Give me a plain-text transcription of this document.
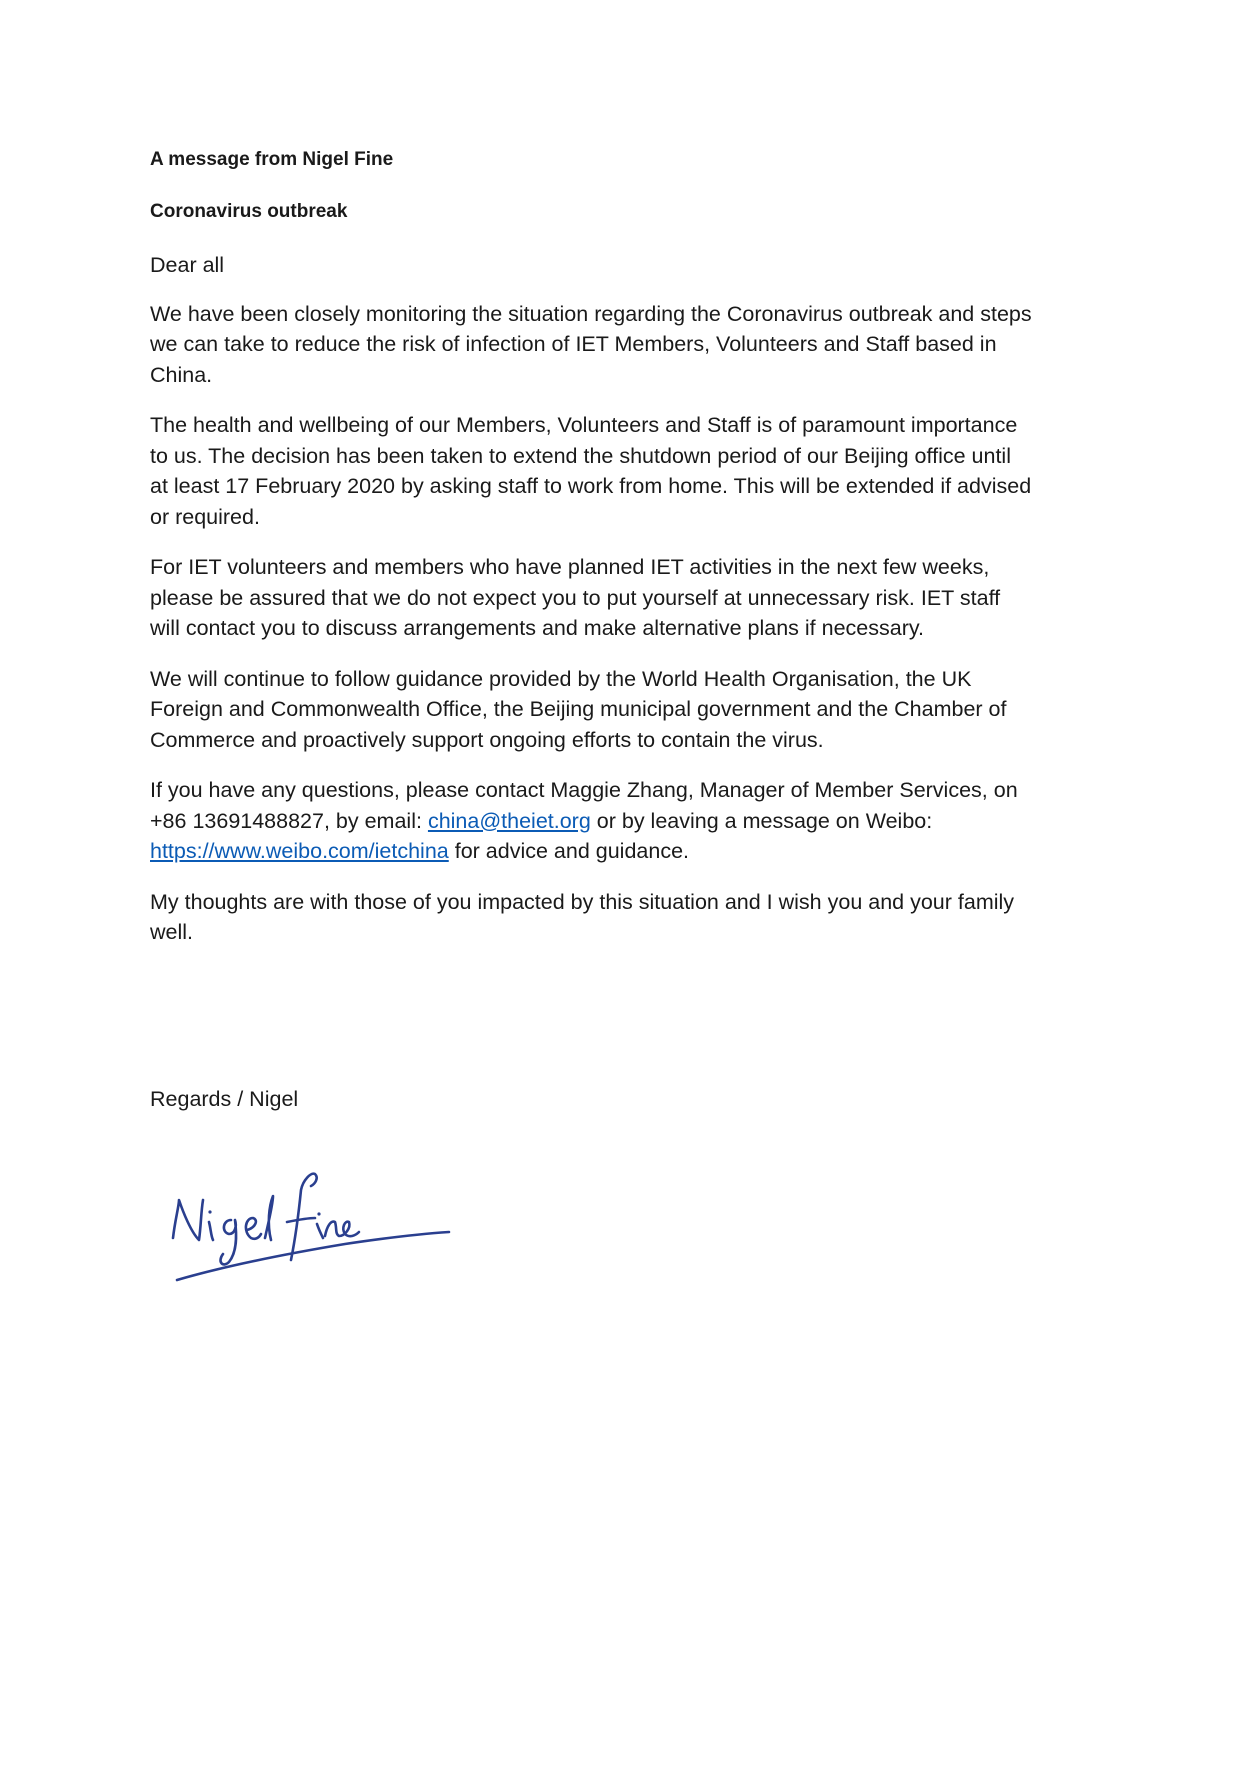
A message from Nigel Fine
Coronavirus outbreak

Dear all

We have been closely monitoring the situation regarding the Coronavirus outbreak and steps
we can take to reduce the risk of infection of IET Members, Volunteers and Staff based in
China.

The health and wellbeing of our Members, Volunteers and Staff is of paramount importance
to us. The decision has been taken to extend the shutdown period of our Beijing office until
at least 17 February 2020 by asking staff to work from home. This will be extended if advised
or required.

For IET volunteers and members who have planned IET activities in the next few weeks,
please be assured that we do not expect you to put yourself at unnecessary risk. IET staff
will contact you to discuss arrangements and make alternative plans if necessary.

We will continue to follow guidance provided by the World Health Organisation, the UK
Foreign and Commonwealth Office, the Beijing municipal government and the Chamber of
Commerce and proactively support ongoing efforts to contain the virus.

If you have any questions, please contact Maggie Zhang, Manager of Member Services, on
+86 13691488827, by email: china@theiet.org or by leaving a message on Weibo:
https://www.weibo.com/ietchina for advice and guidance.

My thoughts are with those of you impacted by this situation and I wish you and your family
well.

Regards / Nigel
